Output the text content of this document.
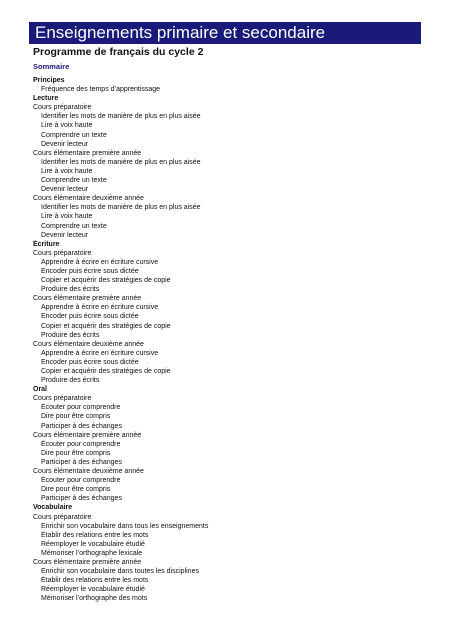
Enseignements primaire et secondaire
Programme de français du cycle 2
Sommaire
Principes
Fréquence des temps d’apprentissage
Lecture
Cours préparatoire
Identifier les mots de manière de plus en plus aisée
Lire à voix haute
Comprendre un texte
Devenir lecteur
Cours élémentaire première année
Identifier les mots de manière de plus en plus aisée
Lire à voix haute
Comprendre un texte
Devenir lecteur
Cours élémentaire deuxième année
Identifier les mots de manière de plus en plus aisée
Lire à voix haute
Comprendre un texte
Devenir lecteur
Écriture
Cours préparatoire
Apprendre à écrire en écriture cursive
Encoder puis écrire sous dictée
Copier et acquérir des stratégies de copie
Produire des écrits
Cours élémentaire première année
Apprendre à écrire en écriture cursive
Encoder puis écrire sous dictée
Copier et acquérir des stratégies de copie
Produire des écrits
Cours élémentaire deuxième année
Apprendre à écrire en écriture cursive
Encoder puis écrire sous dictée
Copier et acquérir des stratégies de copie
Produire des écrits
Oral
Cours préparatoire
Écouter pour comprendre
Dire pour être compris
Participer à des échanges
Cours élémentaire première année
Écouter pour comprendre
Dire pour être compris
Participer à des échanges
Cours élémentaire deuxième année
Écouter pour comprendre
Dire pour être compris
Participer à des échanges
Vocabulaire
Cours préparatoire
Enrichir son vocabulaire dans tous les enseignements
Établir des relations entre les mots
Réemployer le vocabulaire étudié
Mémoriser l’orthographe lexicale
Cours élémentaire première année
Enrichir son vocabulaire dans toutes les disciplines
Établir des relations entre les mots
Réemployer le vocabulaire étudié
Mémoriser l’orthographe des mots
